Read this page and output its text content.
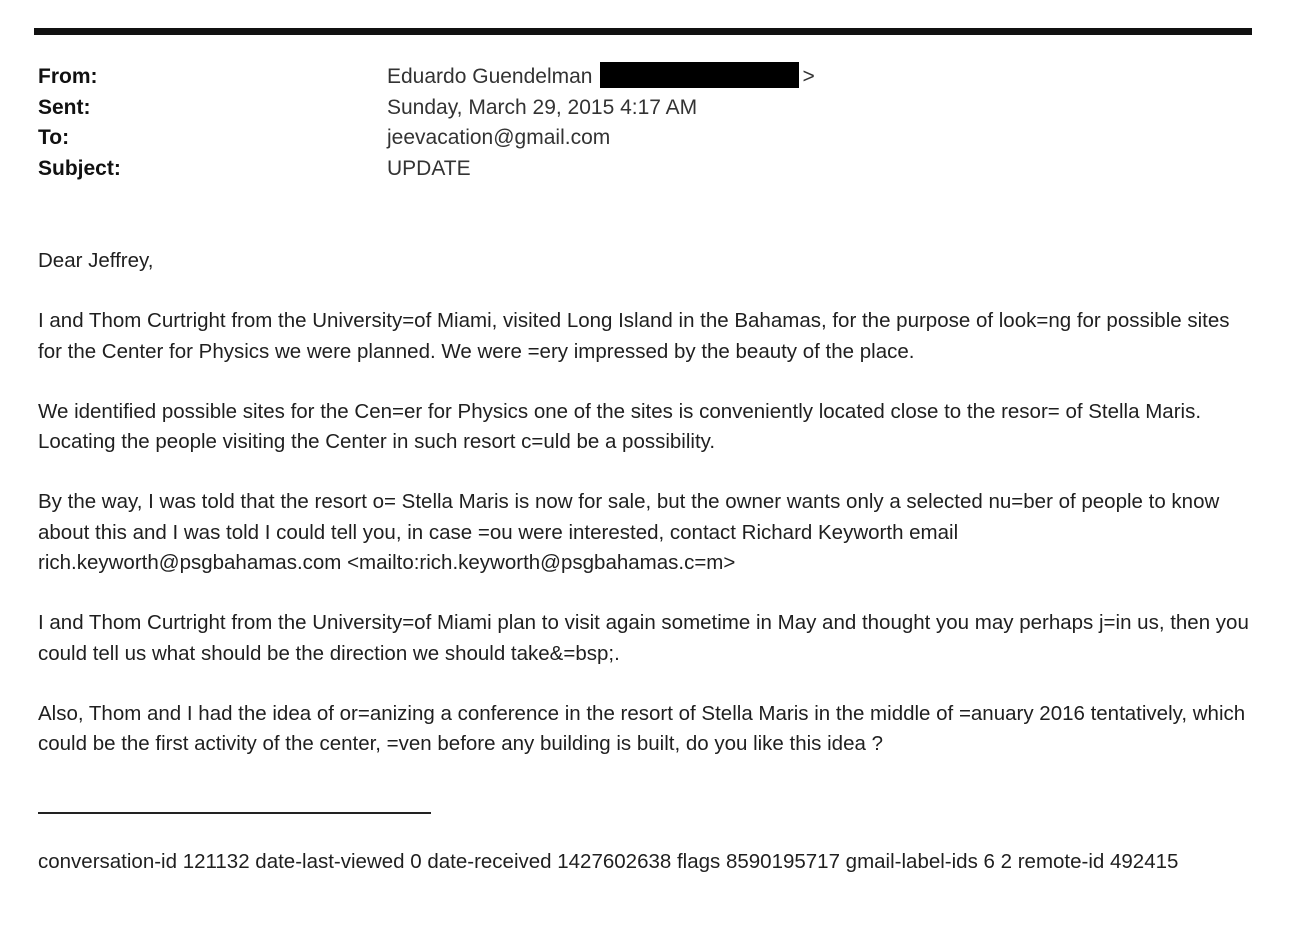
From:	Eduardo Guendelman	>
Sent:	Sunday, March 29, 2015 4:17 AM
To:	jeevacation@gmail.com
Subject:	UPDATE

Dear Jeffrey,

I and Thom Curtright from the University=of Miami, visited Long Island in the Bahamas, for the purpose of look=ng for possible sites for the Center for Physics we were planned. We were =ery impressed by the beauty of the place.

We identified possible sites for the Cen=er for Physics one of the sites is conveniently located close to the resor= of Stella Maris. Locating the people visiting the Center in such resort c=uld be a possibility.

By the way, I was told that the resort o= Stella Maris is now for sale, but the owner wants only a selected nu=ber of people to know about this and I was told I could tell you, in case =ou were interested, contact Richard Keyworth email rich.keyworth@psgbahamas.com <mailto:rich.keyworth@psgbahamas.c=m>

I and Thom Curtright from the University=of Miami plan to visit again sometime in May and thought you may perhaps j=in us, then you could tell us what should be the direction we should take&=bsp;.

Also, Thom and I had the idea of or=anizing a conference in the resort of Stella Maris in the middle of =anuary 2016 tentatively, which could be the first activity of the center, =ven before any building is built, do you like this idea ?

conversation-id 121132 date-last-viewed 0 date-received 1427602638 flags 8590195717 gmail-label-ids 6 2 remote-id 492415
